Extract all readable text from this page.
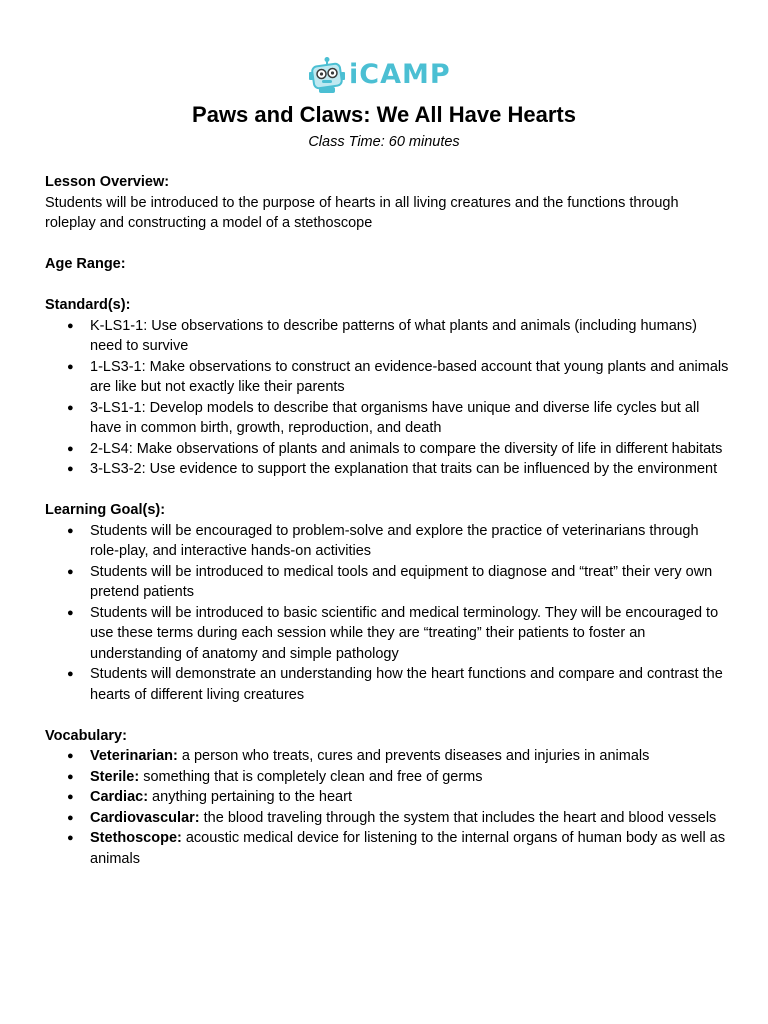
iCAMP
Paws and Claws: We All Have Hearts

Class Time: 60 minutes

Lesson Overview:

Students will be introduced to the purpose of hearts in all living creatures and the functions through roleplay and constructing a model of a stethoscope

Age Range:

Standard(s):

● K-LS1-1: Use observations to describe patterns of what plants and animals (including humans) need to survive
● 1-LS3-1: Make observations to construct an evidence-based account that young plants and animals are like but not exactly like their parents
● 3-LS1-1: Develop models to describe that organisms have unique and diverse life cycles but all have in common birth, growth, reproduction, and death
● 2-LS4: Make observations of plants and animals to compare the diversity of life in different habitats
● 3-LS3-2: Use evidence to support the explanation that traits can be influenced by the environment

Learning Goal(s):

● Students will be encouraged to problem-solve and explore the practice of veterinarians through role-play, and interactive hands-on activities
● Students will be introduced to medical tools and equipment to diagnose and “treat” their very own pretend patients
● Students will be introduced to basic scientific and medical terminology. They will be encouraged to use these terms during each session while they are “treating” their patients to foster an understanding of anatomy and simple pathology
● Students will demonstrate an understanding how the heart functions and compare and contrast the hearts of different living creatures

Vocabulary:

● Veterinarian: a person who treats, cures and prevents diseases and injuries in animals
● Sterile: something that is completely clean and free of germs
● Cardiac: anything pertaining to the heart
● Cardiovascular: the blood traveling through the system that includes the heart and blood vessels
● Stethoscope: acoustic medical device for listening to the internal organs of human body as well as animals
